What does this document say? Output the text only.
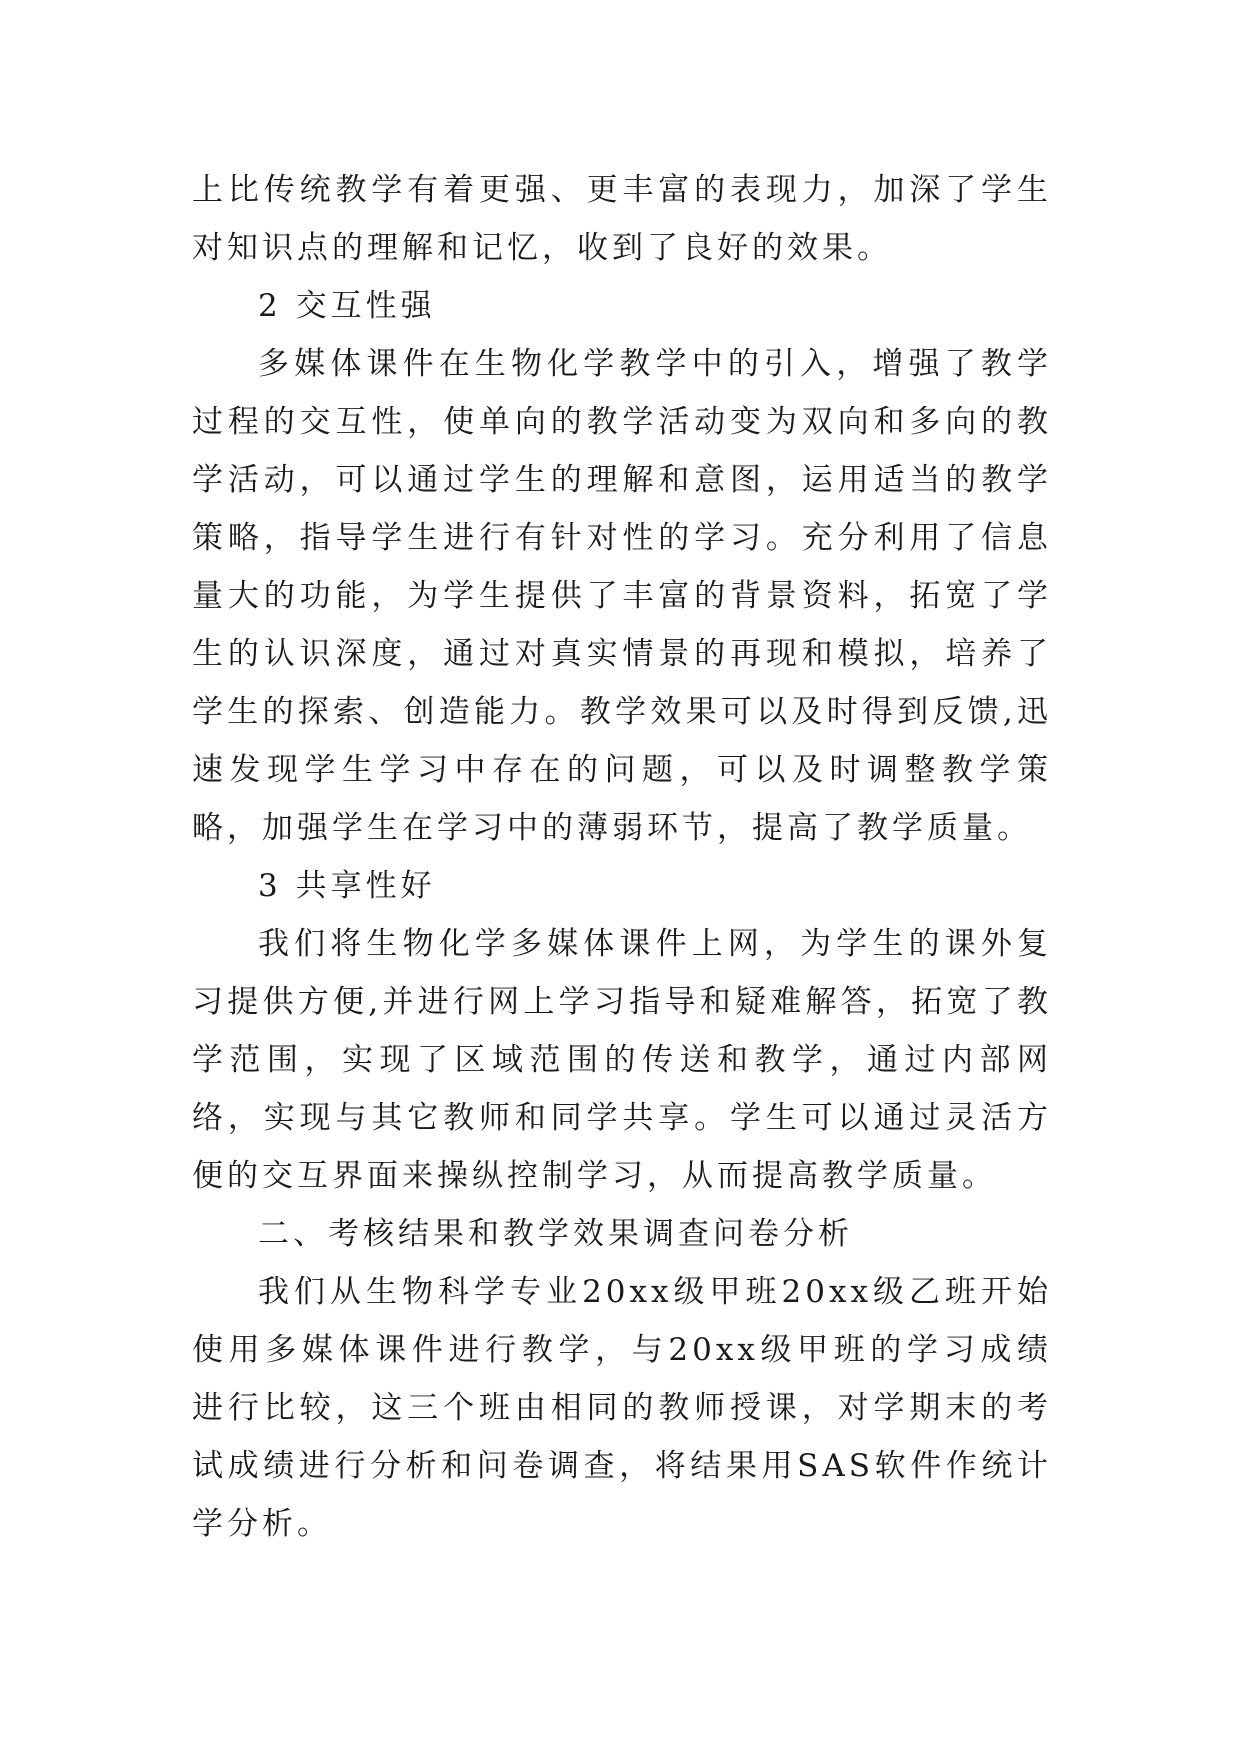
上比传统教学有着更强、更丰富的表现力，加深了学生对知识点的理解和记忆，收到了良好的效果。

2 交互性强

多媒体课件在生物化学教学中的引入，增强了教学过程的交互性，使单向的教学活动变为双向和多向的教学活动，可以通过学生的理解和意图，运用适当的教学策略，指导学生进行有针对性的学习。充分利用了信息量大的功能，为学生提供了丰富的背景资料，拓宽了学生的认识深度，通过对真实情景的再现和模拟，培养了学生的探索、创造能力。教学效果可以及时得到反馈,迅速发现学生学习中存在的问题，可以及时调整教学策略，加强学生在学习中的薄弱环节，提高了教学质量。

3 共享性好

我们将生物化学多媒体课件上网，为学生的课外复习提供方便,并进行网上学习指导和疑难解答，拓宽了教学范围，实现了区域范围的传送和教学，通过内部网络，实现与其它教师和同学共享。学生可以通过灵活方便的交互界面来操纵控制学习，从而提高教学质量。

二、考核结果和教学效果调查问卷分析

我们从生物科学专业20xx级甲班20xx级乙班开始使用多媒体课件进行教学，与20xx级甲班的学习成绩进行比较，这三个班由相同的教师授课，对学期末的考试成绩进行分析和问卷调查，将结果用SAS软件作统计学分析。
